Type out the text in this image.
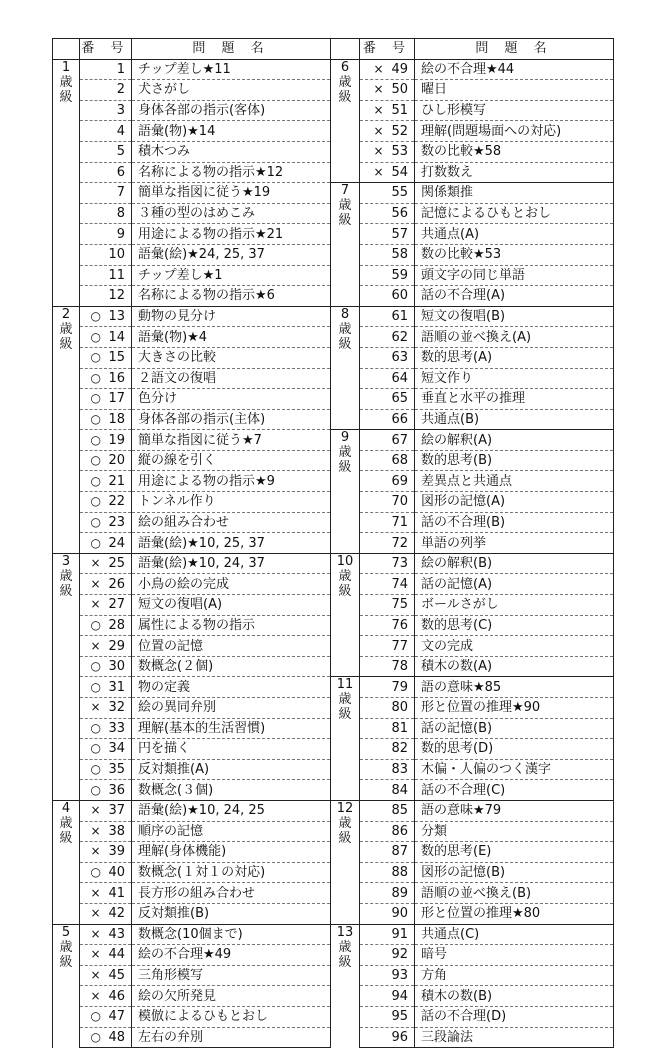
	番 号	問 題 名

1
歳
級	1	チップ差し★11
	2	犬さがし
	3	身体各部の指示(客体)
	4	語彙(物)★14
	5	積木つみ
	6	名称による物の指示★12
	7	簡単な指図に従う★19
	8	３種の型のはめこみ
	9	用途による物の指示★21
	10	語彙(絵)★24, 25, 37
	11	チップ差し★1
	12	名称による物の指示★6

2
歳
級	○ 13	動物の見分け
	○ 14	語彙(物)★4
	○ 15	大きさの比較
	○ 16	２語文の復唱
	○ 17	色分け
	○ 18	身体各部の指示(主体)
	○ 19	簡単な指図に従う★7
	○ 20	縦の線を引く
	○ 21	用途による物の指示★9
	○ 22	トンネル作り
	○ 23	絵の組み合わせ
	○ 24	語彙(絵)★10, 25, 37

3
歳
級	× 25	語彙(絵)★10, 24, 37
	× 26	小鳥の絵の完成
	× 27	短文の復唱(A)
	○ 28	属性による物の指示
	× 29	位置の記憶
	○ 30	数概念(２個)
	○ 31	物の定義
	× 32	絵の異同弁別
	○ 33	理解(基本的生活習慣)
	○ 34	円を描く
	○ 35	反対類推(A)
	○ 36	数概念(３個)

4
歳
級	× 37	語彙(絵)★10, 24, 25
	× 38	順序の記憶
	× 39	理解(身体機能)
	○ 40	数概念(１対１の対応)
	× 41	長方形の組み合わせ
	× 42	反対類推(B)

5
歳
級	× 43	数概念(10個まで)
	× 44	絵の不合理★49
	× 45	三角形模写
	× 46	絵の欠所発見
	○ 47	模倣によるひもとおし
	○ 48	左右の弁別
	番 号	問 題 名

6
歳
級	× 49	絵の不合理★44
	× 50	曜日
	× 51	ひし形模写
	× 52	理解(問題場面への対応)
	× 53	数の比較★58
	× 54	打数数え

7
歳
級	55	関係類推
	56	記憶によるひもとおし
	57	共通点(A)
	58	数の比較★53
	59	頭文字の同じ単語
	60	話の不合理(A)

8
歳
級	61	短文の復唱(B)
	62	語順の並べ換え(A)
	63	数的思考(A)
	64	短文作り
	65	垂直と水平の推理
	66	共通点(B)

9
歳
級	67	絵の解釈(A)
	68	数的思考(B)
	69	差異点と共通点
	70	図形の記憶(A)
	71	話の不合理(B)
	72	単語の列挙

10
歳
級	73	絵の解釈(B)
	74	話の記憶(A)
	75	ボールさがし
	76	数的思考(C)
	77	文の完成
	78	積木の数(A)

11
歳
級	79	語の意味★85
	80	形と位置の推理★90
	81	話の記憶(B)
	82	数的思考(D)
	83	木偏・人偏のつく漢字
	84	話の不合理(C)

12
歳
級	85	語の意味★79
	86	分類
	87	数的思考(E)
	88	図形の記憶(B)
	89	語順の並べ換え(B)
	90	形と位置の推理★80

13
歳
級	91	共通点(C)
	92	暗号
	93	方角
	94	積木の数(B)
	95	話の不合理(D)
	96	三段論法
